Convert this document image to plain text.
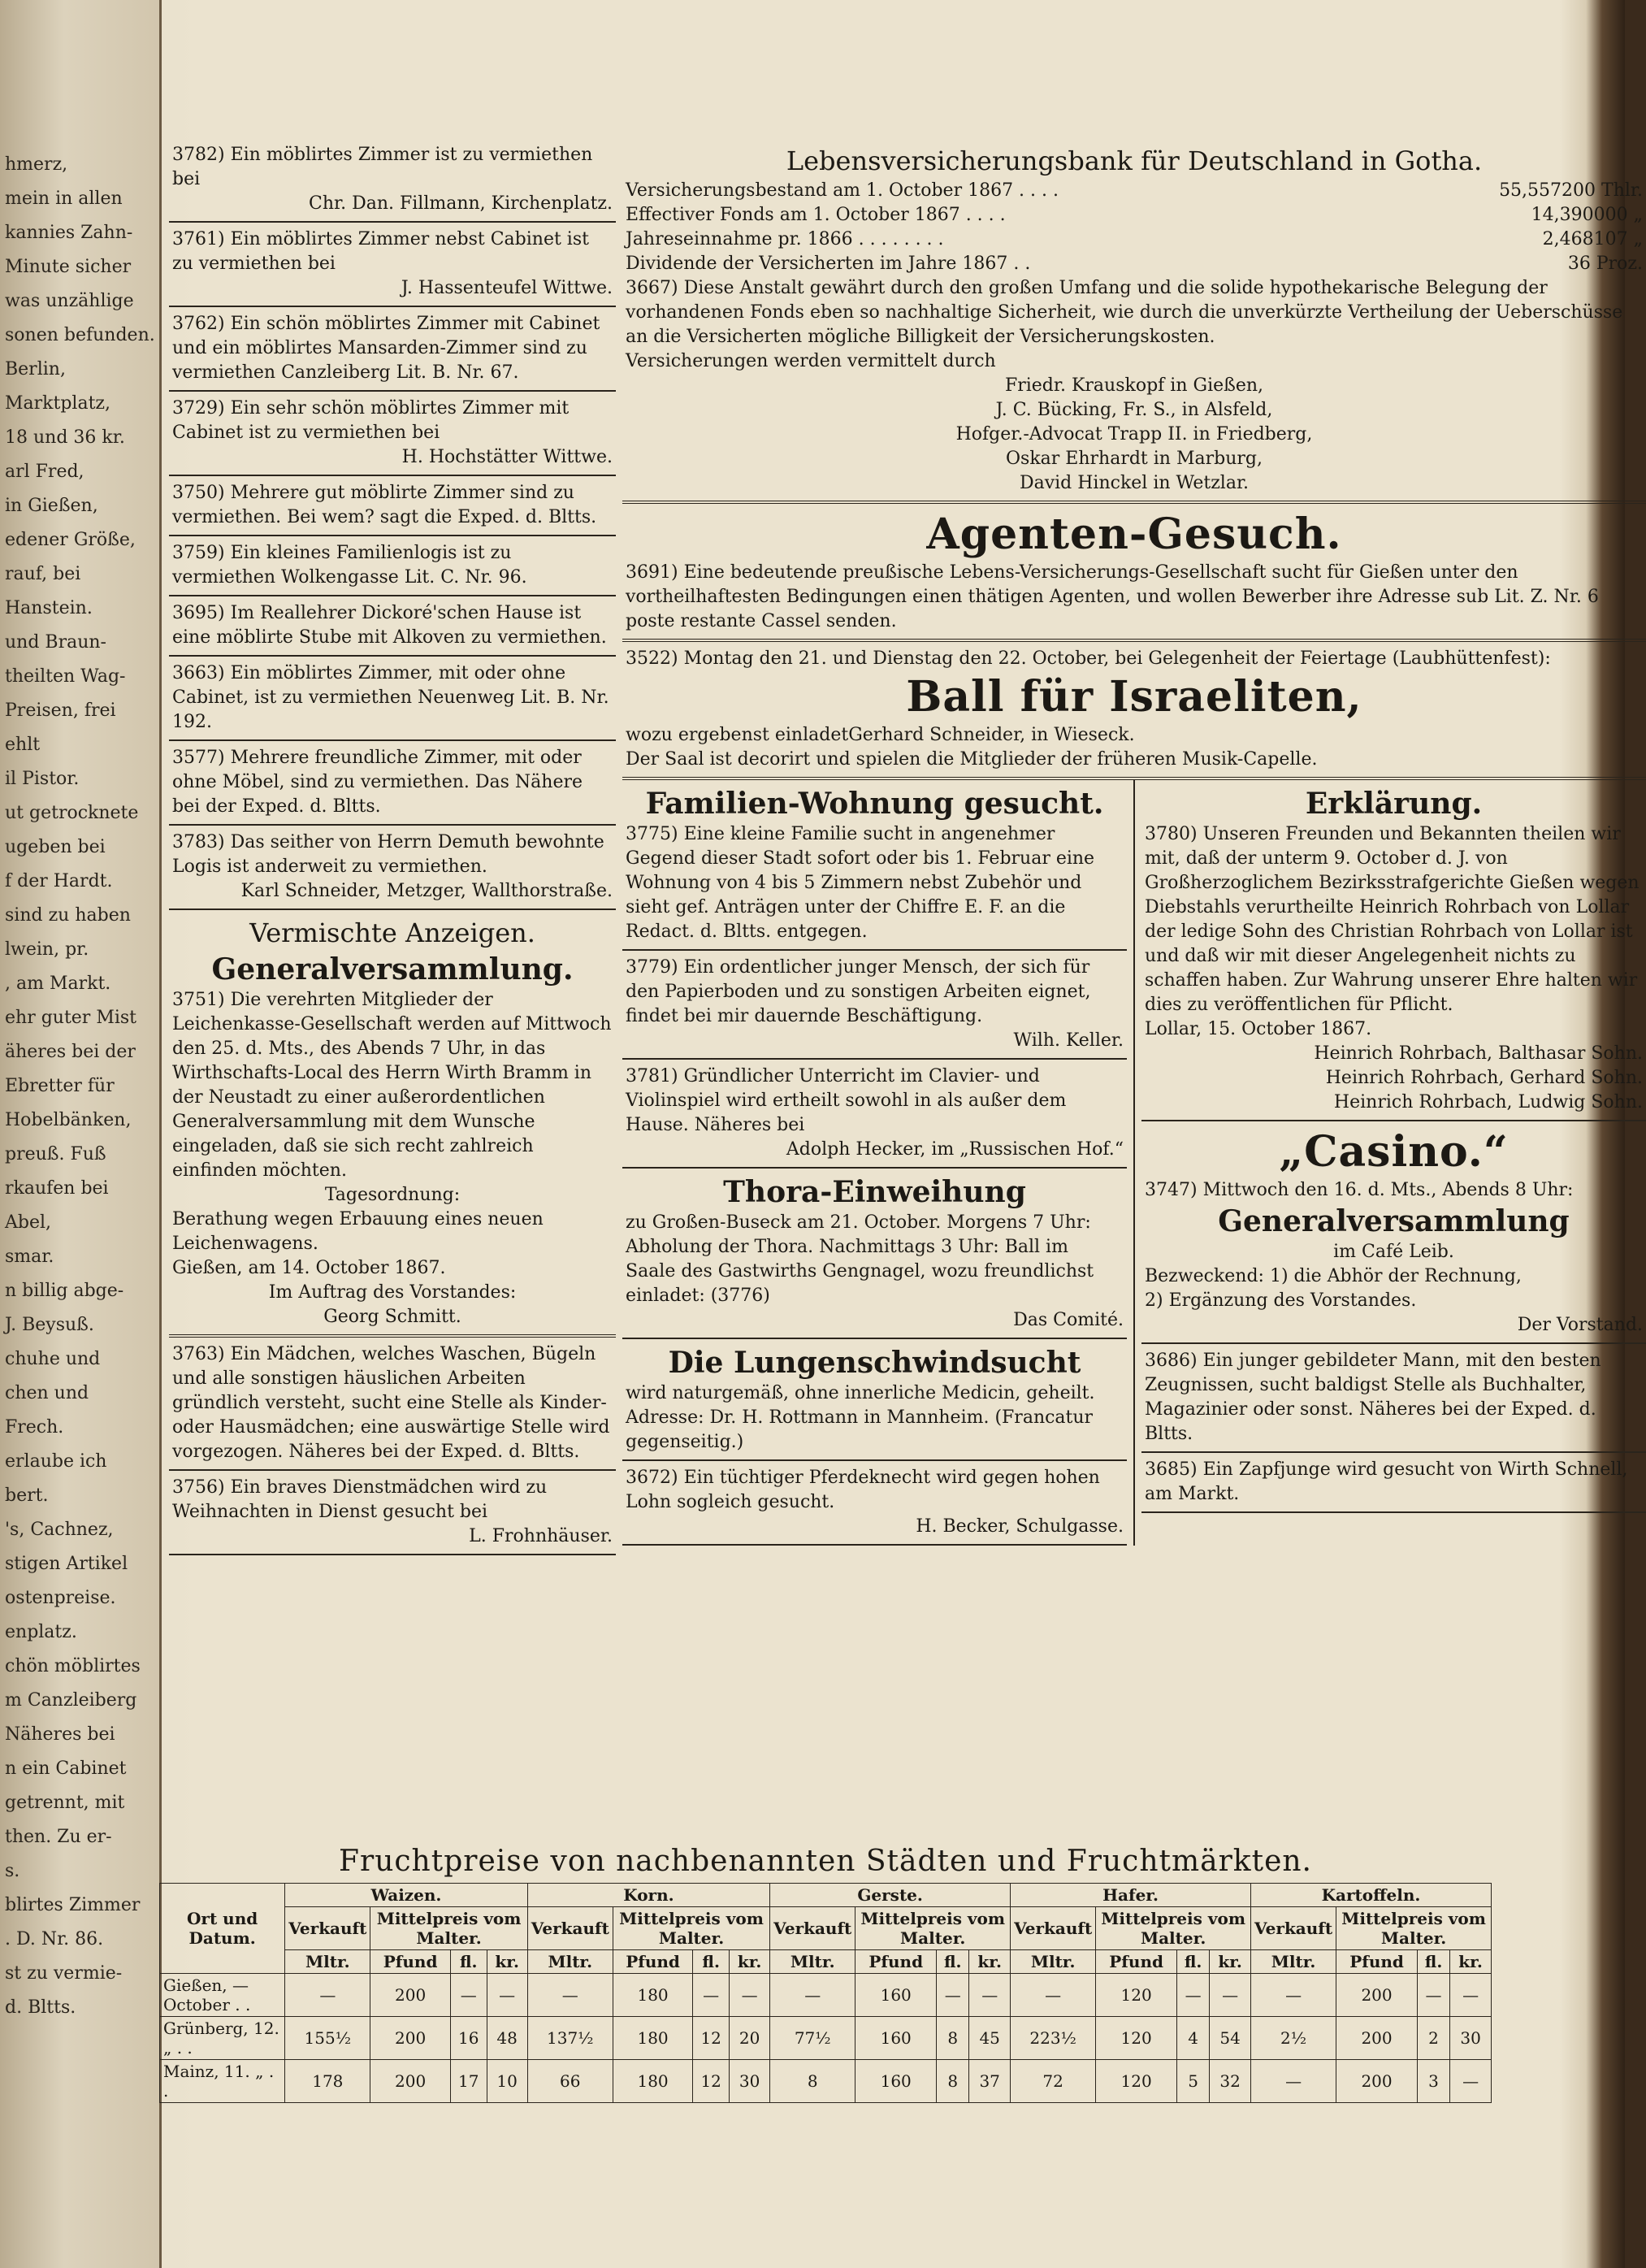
hmerz,
mein in allen
kannies Zahn-
Minute sicher
was unzählige
sonen befunden.
Berlin,
Marktplatz,
18 und 36 kr.
arl Fred,
in Gießen,
edener Größe,
rauf, bei
Hanstein.
und Braun-
theilten Wag-
Preisen, frei
ehlt
il Pistor.
ut getrocknete
ugeben bei
f der Hardt.
sind zu haben
lwein, pr.
, am Markt.
ehr guter Mist
äheres bei der
Ebretter für
Hobelbänken,
preuß. Fuß
rkaufen bei
Abel,
smar.
n billig abge-
J. Beysuß.
chuhe und
chen und
Frech.
erlaube ich
bert.
's, Cachnez,
stigen Artikel
ostenpreise.
enplatz.
chön möblirtes
m Canzleiberg
Näheres bei
n ein Cabinet
getrennt, mit
then. Zu er-
s.
blirtes Zimmer
. D. Nr. 86.
st zu vermie-
d. Bltts.

3782) Ein möblirtes Zimmer ist zu vermiethen bei

Chr. Dan. Fillmann, Kirchenplatz.

3761) Ein möblirtes Zimmer nebst Cabinet ist zu vermiethen bei

J. Hassenteufel Wittwe.

3762) Ein schön möblirtes Zimmer mit Cabinet und ein möblirtes Mansarden-Zimmer sind zu vermiethen Canzleiberg Lit. B. Nr. 67.

3729) Ein sehr schön möblirtes Zimmer mit Cabinet ist zu vermiethen bei

H. Hochstätter Wittwe.

3750) Mehrere gut möblirte Zimmer sind zu vermiethen. Bei wem? sagt die Exped. d. Bltts.

3759) Ein kleines Familienlogis ist zu vermiethen Wolkengasse Lit. C. Nr. 96.

3695) Im Reallehrer Dickoré'schen Hause ist eine möblirte Stube mit Alkoven zu vermiethen.

3663) Ein möblirtes Zimmer, mit oder ohne Cabinet, ist zu vermiethen Neuenweg Lit. B. Nr. 192.

3577) Mehrere freundliche Zimmer, mit oder ohne Möbel, sind zu vermiethen. Das Nähere bei der Exped. d. Bltts.

3783) Das seither von Herrn Demuth bewohnte Logis ist anderweit zu vermiethen.

Karl Schneider, Metzger, Wallthorstraße.

Vermischte Anzeigen.
Generalversammlung.

3751) Die verehrten Mitglieder der Leichenkasse-Gesellschaft werden auf Mittwoch den 25. d. Mts., des Abends 7 Uhr, in das Wirthschafts-Local des Herrn Wirth Bramm in der Neustadt zu einer außerordentlichen Generalversammlung mit dem Wunsche eingeladen, daß sie sich recht zahlreich einfinden möchten.

Tagesordnung:

Berathung wegen Erbauung eines neuen Leichenwagens.

Gießen, am 14. October 1867.

Im Auftrag des Vorstandes:

Georg Schmitt.

3763) Ein Mädchen, welches Waschen, Bügeln und alle sonstigen häuslichen Arbeiten gründlich versteht, sucht eine Stelle als Kinder- oder Hausmädchen; eine auswärtige Stelle wird vorgezogen. Näheres bei der Exped. d. Bltts.

3756) Ein braves Dienstmädchen wird zu Weihnachten in Dienst gesucht bei

L. Frohnhäuser.

Lebensversicherungsbank für Deutschland in Gotha.
Versicherungsbestand am 1. October 1867 . . . .	55,557200 Thlr.
Effectiver Fonds am 1. October 1867 . . . .	14,390000 „
Jahreseinnahme pr. 1866 . . . . . . . .	2,468107 „
Dividende der Versicherten im Jahre 1867 . .	36 Proz.

3667) Diese Anstalt gewährt durch den großen Umfang und die solide hypothekarische Belegung der vorhandenen Fonds eben so nachhaltige Sicherheit, wie durch die unverkürzte Vertheilung der Ueberschüsse an die Versicherten mögliche Billigkeit der Versicherungskosten.

Versicherungen werden vermittelt durch

Friedr. Krauskopf in Gießen,

J. C. Bücking, Fr. S., in Alsfeld,

Hofger.-Advocat Trapp II. in Friedberg,

Oskar Ehrhardt in Marburg,

David Hinckel in Wetzlar.

Agenten-Gesuch.

3691) Eine bedeutende preußische Lebens-Versicherungs-Gesellschaft sucht für Gießen unter den vortheilhaftesten Bedingungen einen thätigen Agenten, und wollen Bewerber ihre Adresse sub Lit. Z. Nr. 6 poste restante Cassel senden.

3522) Montag den 21. und Dienstag den 22. October, bei Gelegenheit der Feiertage (Laubhüttenfest):

Ball für Israeliten,
wozu ergebenst einladet Gerhard Schneider, in Wieseck.

Der Saal ist decorirt und spielen die Mitglieder der früheren Musik-Capelle.

Familien-Wohnung gesucht.

3775) Eine kleine Familie sucht in angenehmer Gegend dieser Stadt sofort oder bis 1. Februar eine Wohnung von 4 bis 5 Zimmern nebst Zubehör und sieht gef. Anträgen unter der Chiffre E. F. an die Redact. d. Bltts. entgegen.

3779) Ein ordentlicher junger Mensch, der sich für den Papierboden und zu sonstigen Arbeiten eignet, findet bei mir dauernde Beschäftigung.

Wilh. Keller.

3781) Gründlicher Unterricht im Clavier- und Violinspiel wird ertheilt sowohl in als außer dem Hause. Näheres bei

Adolph Hecker, im „Russischen Hof.“

Thora-Einweihung

zu Großen-Buseck am 21. October. Morgens 7 Uhr: Abholung der Thora. Nachmittags 3 Uhr: Ball im Saale des Gastwirths Gengnagel, wozu freundlichst einladet: (3776)

Das Comité.

Die Lungenschwindsucht

wird naturgemäß, ohne innerliche Medicin, geheilt. Adresse: Dr. H. Rottmann in Mannheim. (Francatur gegenseitig.)

3672) Ein tüchtiger Pferdeknecht wird gegen hohen Lohn sogleich gesucht.

H. Becker, Schulgasse.

Erklärung.

3780) Unseren Freunden und Bekannten theilen wir mit, daß der unterm 9. October d. J. von Großherzoglichem Bezirksstrafgerichte Gießen wegen Diebstahls verurtheilte Heinrich Rohrbach von Lollar der ledige Sohn des Christian Rohrbach von Lollar ist und daß wir mit dieser Angelegenheit nichts zu schaffen haben. Zur Wahrung unserer Ehre halten wir dies zu veröffentlichen für Pflicht.

Lollar, 15. October 1867.

Heinrich Rohrbach, Balthasar Sohn.

Heinrich Rohrbach, Gerhard Sohn.

Heinrich Rohrbach, Ludwig Sohn.

„Casino.“

3747) Mittwoch den 16. d. Mts., Abends 8 Uhr:

Generalversammlung

im Café Leib.

Bezweckend: 1) die Abhör der Rechnung,

2) Ergänzung des Vorstandes.

Der Vorstand.

3686) Ein junger gebildeter Mann, mit den besten Zeugnissen, sucht baldigst Stelle als Buchhalter, Magazinier oder sonst. Näheres bei der Exped. d. Bltts.

3685) Ein Zapfjunge wird gesucht von Wirth Schnell, am Markt.

Fruchtpreise von nachbenannten Städten und Fruchtmärkten.
Ort und Datum.	Waizen.				Korn.				Gerste.				Hafer.				Kartoffeln.			
	Verkauft	Mittelpreis vom Malter.			Verkauft	Mittelpreis vom Malter.			Verkauft	Mittelpreis vom Malter.			Verkauft	Mittelpreis vom Malter.			Verkauft	Mittelpreis vom Malter.		
	Mltr.	Pfund	fl.	kr.	Mltr.	Pfund	fl.	kr.	Mltr.	Pfund	fl.	kr.	Mltr.	Pfund	fl.	kr.	Mltr.	Pfund	fl.	kr.
Gießen, — October . .	—	200	—	—	—	180	—	—	—	160	—	—	—	120	—	—	—	200	—	—
Grünberg, 12. „ . .	155½	200	16	48	137½	180	12	20	77½	160	8	45	223½	120	4	54	2½	200	2	30
Mainz, 11. „ . .	178	200	17	10	66	180	12	30	8	160	8	37	72	120	5	32	—	200	3	—
